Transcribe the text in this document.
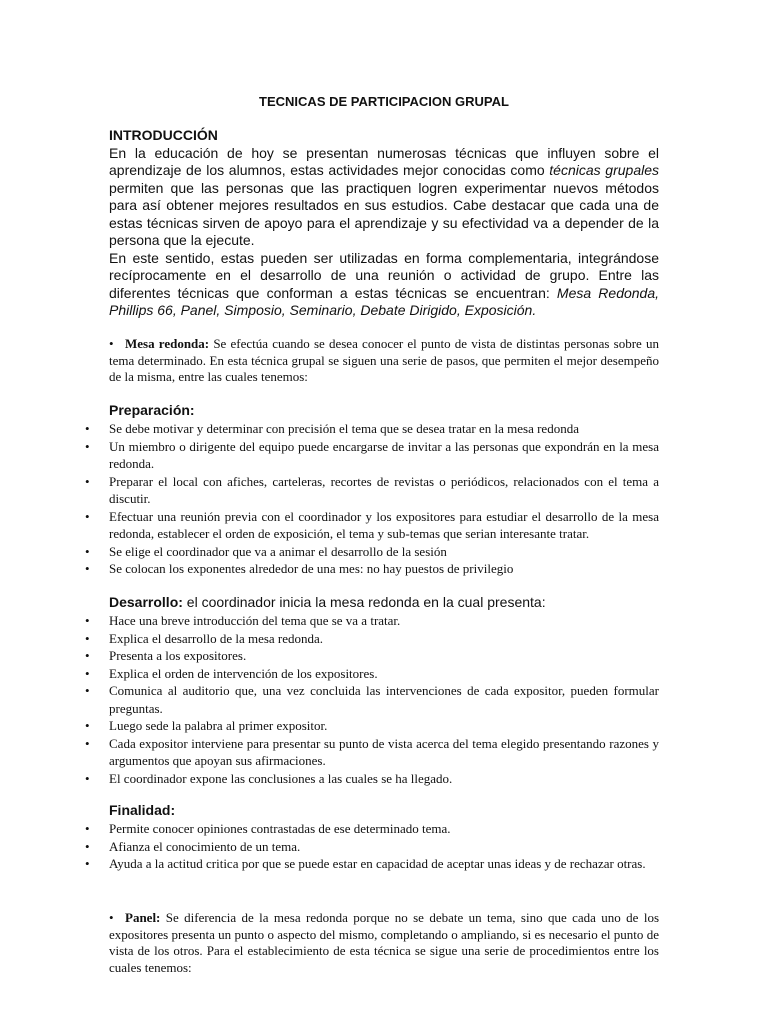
TECNICAS DE PARTICIPACION GRUPAL
INTRODUCCIÓN

En la educación de hoy se presentan numerosas técnicas que influyen sobre el aprendizaje de los alumnos, estas actividades mejor conocidas como técnicas grupales permiten que las personas que las practiquen logren experimentar nuevos métodos para así obtener mejores resultados en sus estudios. Cabe destacar que cada una de estas técnicas sirven de apoyo para el aprendizaje y su efectividad va a depender de la persona que la ejecute.

En este sentido, estas pueden ser utilizadas en forma complementaria, integrándose recíprocamente en el desarrollo de una reunión o actividad de grupo. Entre las diferentes técnicas que conforman a estas técnicas se encuentran: Mesa Redonda, Phillips 66, Panel, Simposio, Seminario, Debate Dirigido, Exposición.

• Mesa redonda: Se efectúa cuando se desea conocer el punto de vista de distintas personas sobre un tema determinado. En esta técnica grupal se siguen una serie de pasos, que permiten el mejor desempeño de la misma, entre las cuales tenemos:
Preparación:
•	Se debe motivar y determinar con precisión el tema que se desea tratar en la mesa redonda
•	Un miembro o dirigente del equipo puede encargarse de invitar a las personas que expondrán en la mesa redonda.
•	Preparar el local con afiches, carteleras, recortes de revistas o periódicos, relacionados con el tema a discutir.
•	Efectuar una reunión previa con el coordinador y los expositores para estudiar el desarrollo de la mesa redonda, establecer el orden de exposición, el tema y sub-temas que serian interesante tratar.
•	Se elige el coordinador que va a animar el desarrollo de la sesión
•	Se colocan los exponentes alrededor de una mes: no hay puestos de privilegio
Desarrollo: el coordinador inicia la mesa redonda en la cual presenta:
•	Hace una breve introducción del tema que se va a tratar.
•	Explica el desarrollo de la mesa redonda.
•	Presenta a los expositores.
•	Explica el orden de intervención de los expositores.
•	Comunica al auditorio que, una vez concluida las intervenciones de cada expositor, pueden formular preguntas.
•	Luego sede la palabra al primer expositor.
•	Cada expositor interviene para presentar su punto de vista acerca del tema elegido presentando razones y argumentos que apoyan sus afirmaciones.
•	El coordinador expone las conclusiones a las cuales se ha llegado.
Finalidad:
•	Permite conocer opiniones contrastadas de ese determinado tema.
•	Afianza el conocimiento de un tema.
•	Ayuda a la actitud critica por que se puede estar en capacidad de aceptar unas ideas y de rechazar otras.
• Panel: Se diferencia de la mesa redonda porque no se debate un tema, sino que cada uno de los expositores presenta un punto o aspecto del mismo, completando o ampliando, si es necesario el punto de vista de los otros. Para el establecimiento de esta técnica se sigue una serie de procedimientos entre los cuales tenemos:
